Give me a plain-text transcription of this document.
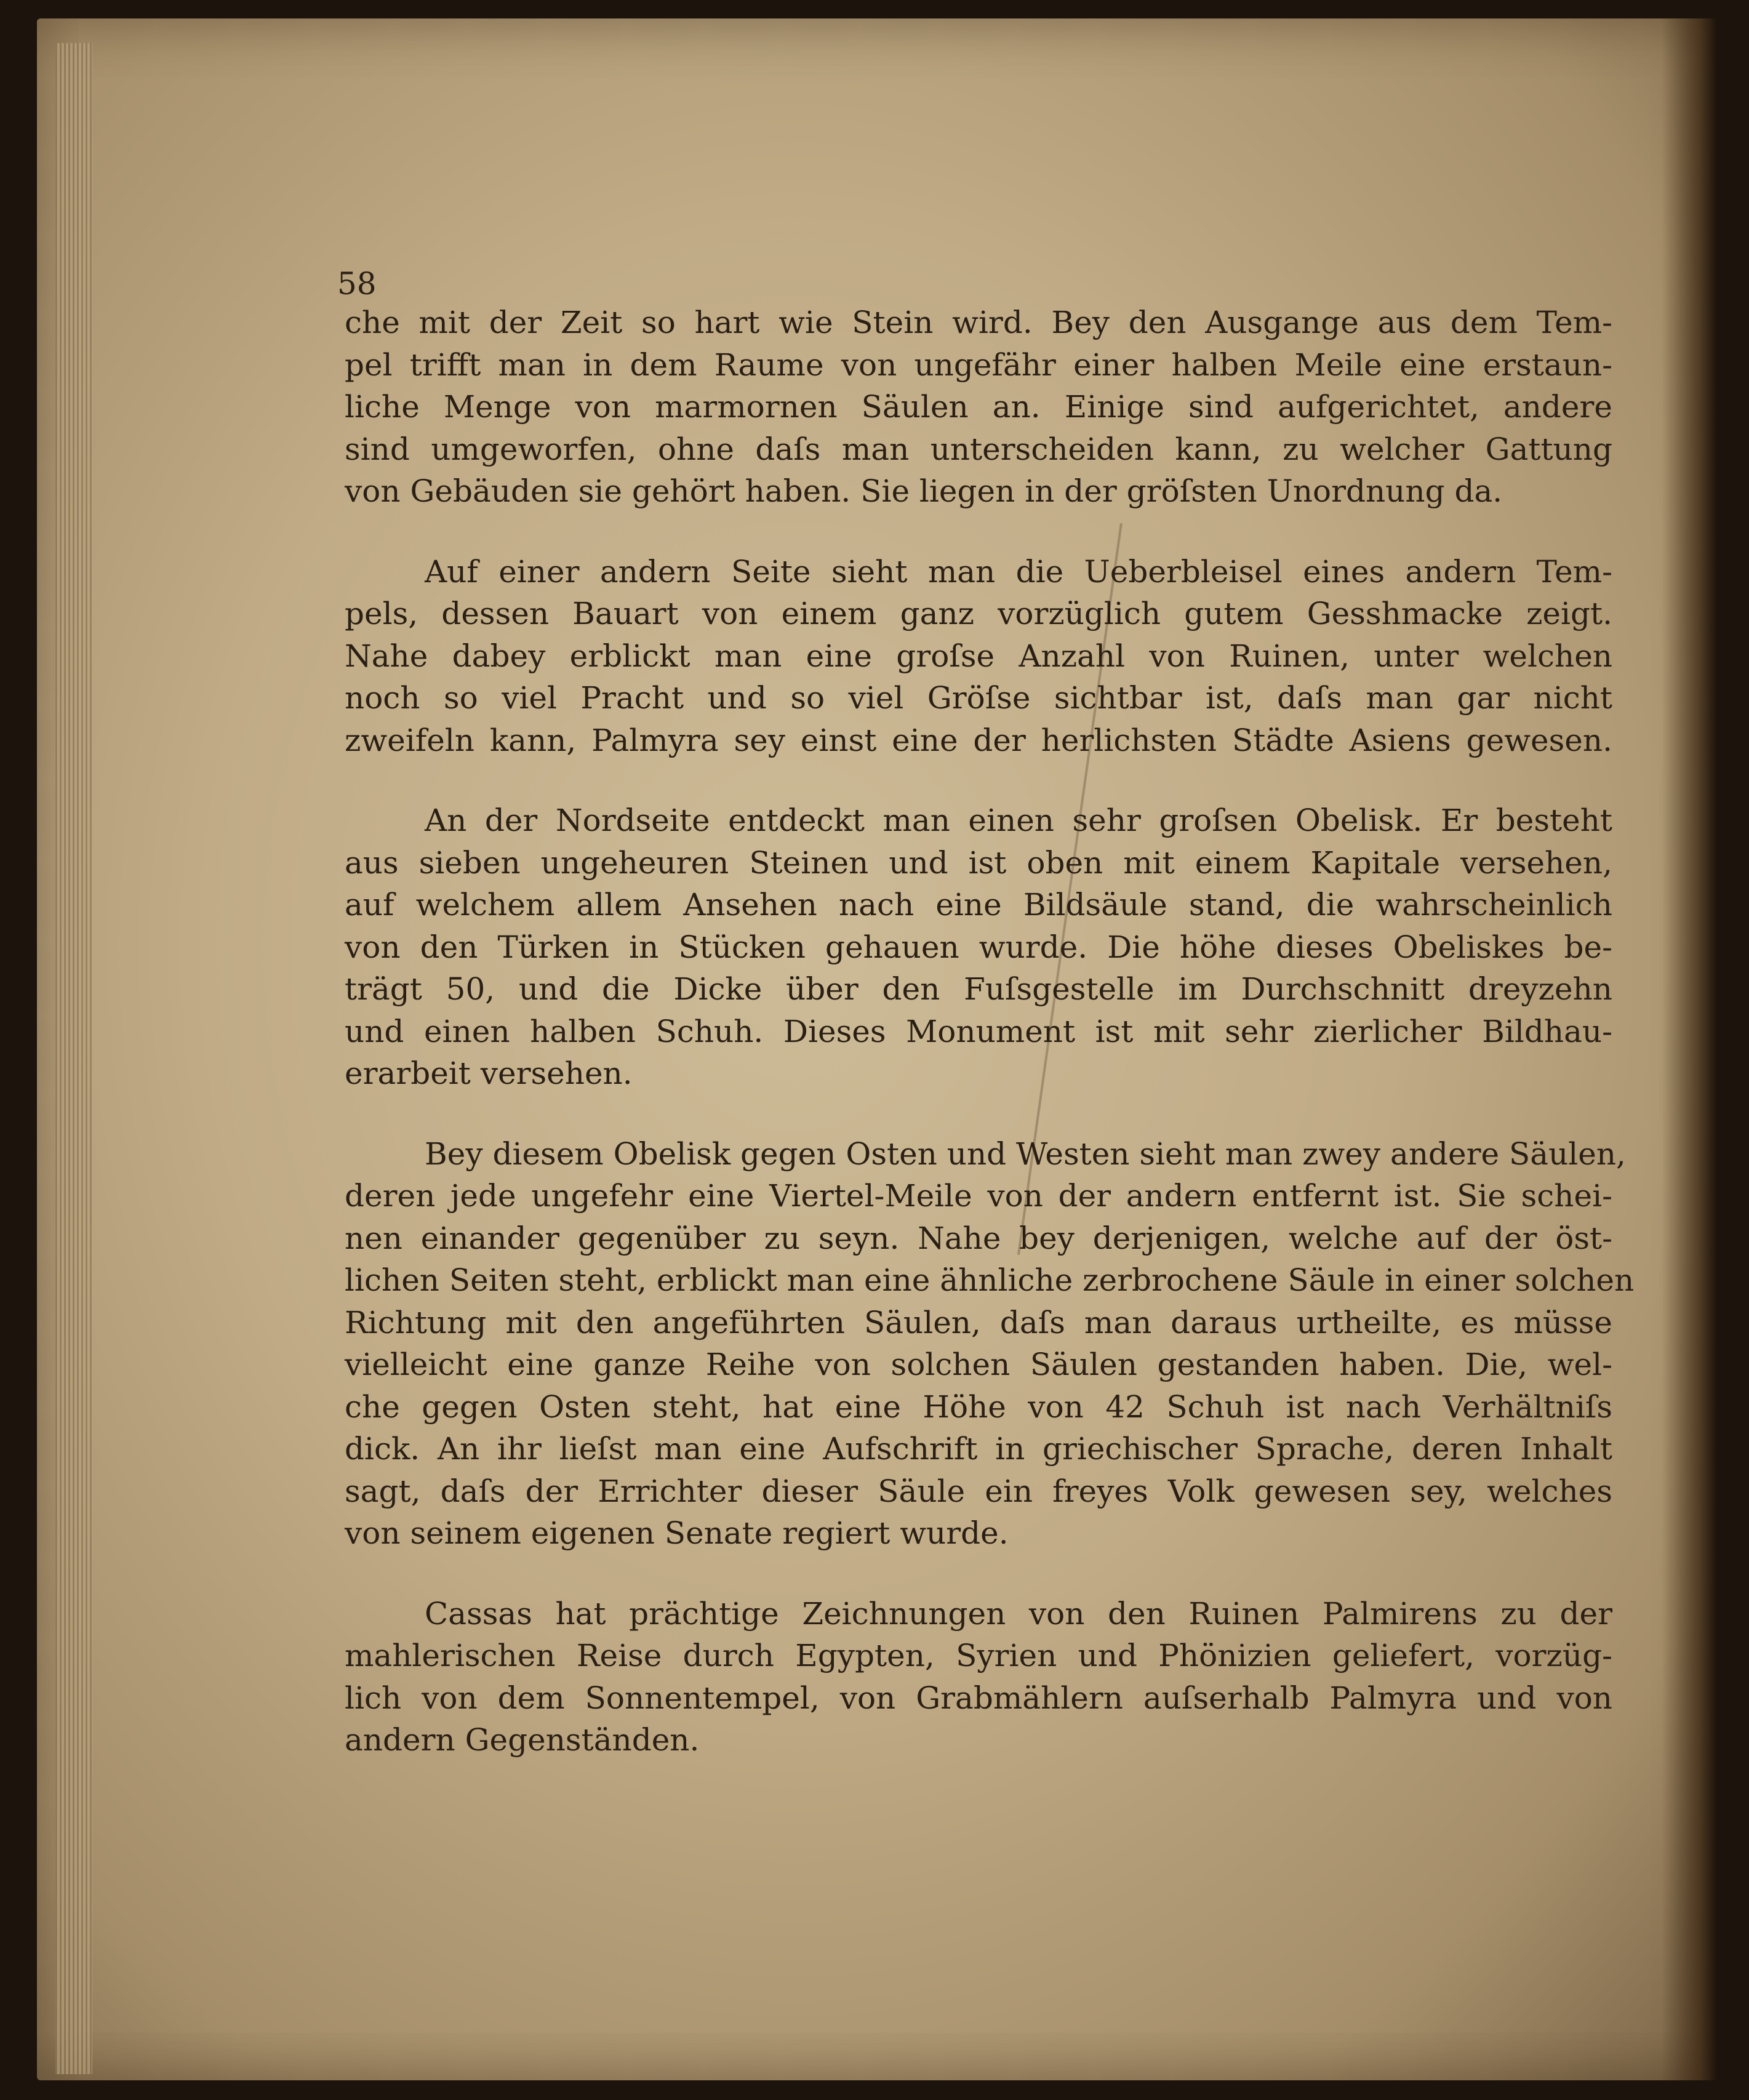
58
che mit der Zeit so hart wie Stein wird. Bey den Ausgange aus dem Tem-
pel trifft man in dem Raume von ungefähr einer halben Meile eine erstaun-
liche Menge von marmornen Säulen an. Einige sind aufgerichtet, andere
sind umgeworfen, ohne daſs man unterscheiden kann, zu welcher Gattung
von Gebäuden sie gehört haben. Sie liegen in der gröſsten Unordnung da.
Auf einer andern Seite sieht man die Ueberbleisel eines andern Tem-
pels, dessen Bauart von einem ganz vorzüglich gutem Gesshmacke zeigt.
Nahe dabey erblickt man eine groſse Anzahl von Ruinen, unter welchen
noch so viel Pracht und so viel Gröſse sichtbar ist, daſs man gar nicht
zweifeln kann, Palmyra sey einst eine der herlichsten Städte Asiens gewesen.
An der Nordseite entdeckt man einen sehr groſsen Obelisk. Er besteht
aus sieben ungeheuren Steinen und ist oben mit einem Kapitale versehen,
auf welchem allem Ansehen nach eine Bildsäule stand, die wahrscheinlich
von den Türken in Stücken gehauen wurde. Die höhe dieses Obeliskes be-
trägt 50, und die Dicke über den Fuſsgestelle im Durchschnitt dreyzehn
und einen halben Schuh. Dieses Monument ist mit sehr zierlicher Bildhau-
erarbeit versehen.
Bey diesem Obelisk gegen Osten und Westen sieht man zwey andere Säulen,
deren jede ungefehr eine Viertel-Meile von der andern entfernt ist. Sie schei-
nen einander gegenüber zu seyn. Nahe bey derjenigen, welche auf der öst-
lichen Seiten steht, erblickt man eine ähnliche zerbrochene Säule in einer solchen
Richtung mit den angeführten Säulen, daſs man daraus urtheilte, es müsse
vielleicht eine ganze Reihe von solchen Säulen gestanden haben. Die, wel-
che gegen Osten steht, hat eine Höhe von 42 Schuh ist nach Verhältniſs
dick. An ihr lieſst man eine Aufschrift in griechischer Sprache, deren Inhalt
sagt, daſs der Errichter dieser Säule ein freyes Volk gewesen sey, welches
von seinem eigenen Senate regiert wurde.
Cassas hat prächtige Zeichnungen von den Ruinen Palmirens zu der
mahlerischen Reise durch Egypten, Syrien und Phönizien geliefert, vorzüg-
lich von dem Sonnentempel, von Grabmählern auſserhalb Palmyra und von
andern Gegenständen.
